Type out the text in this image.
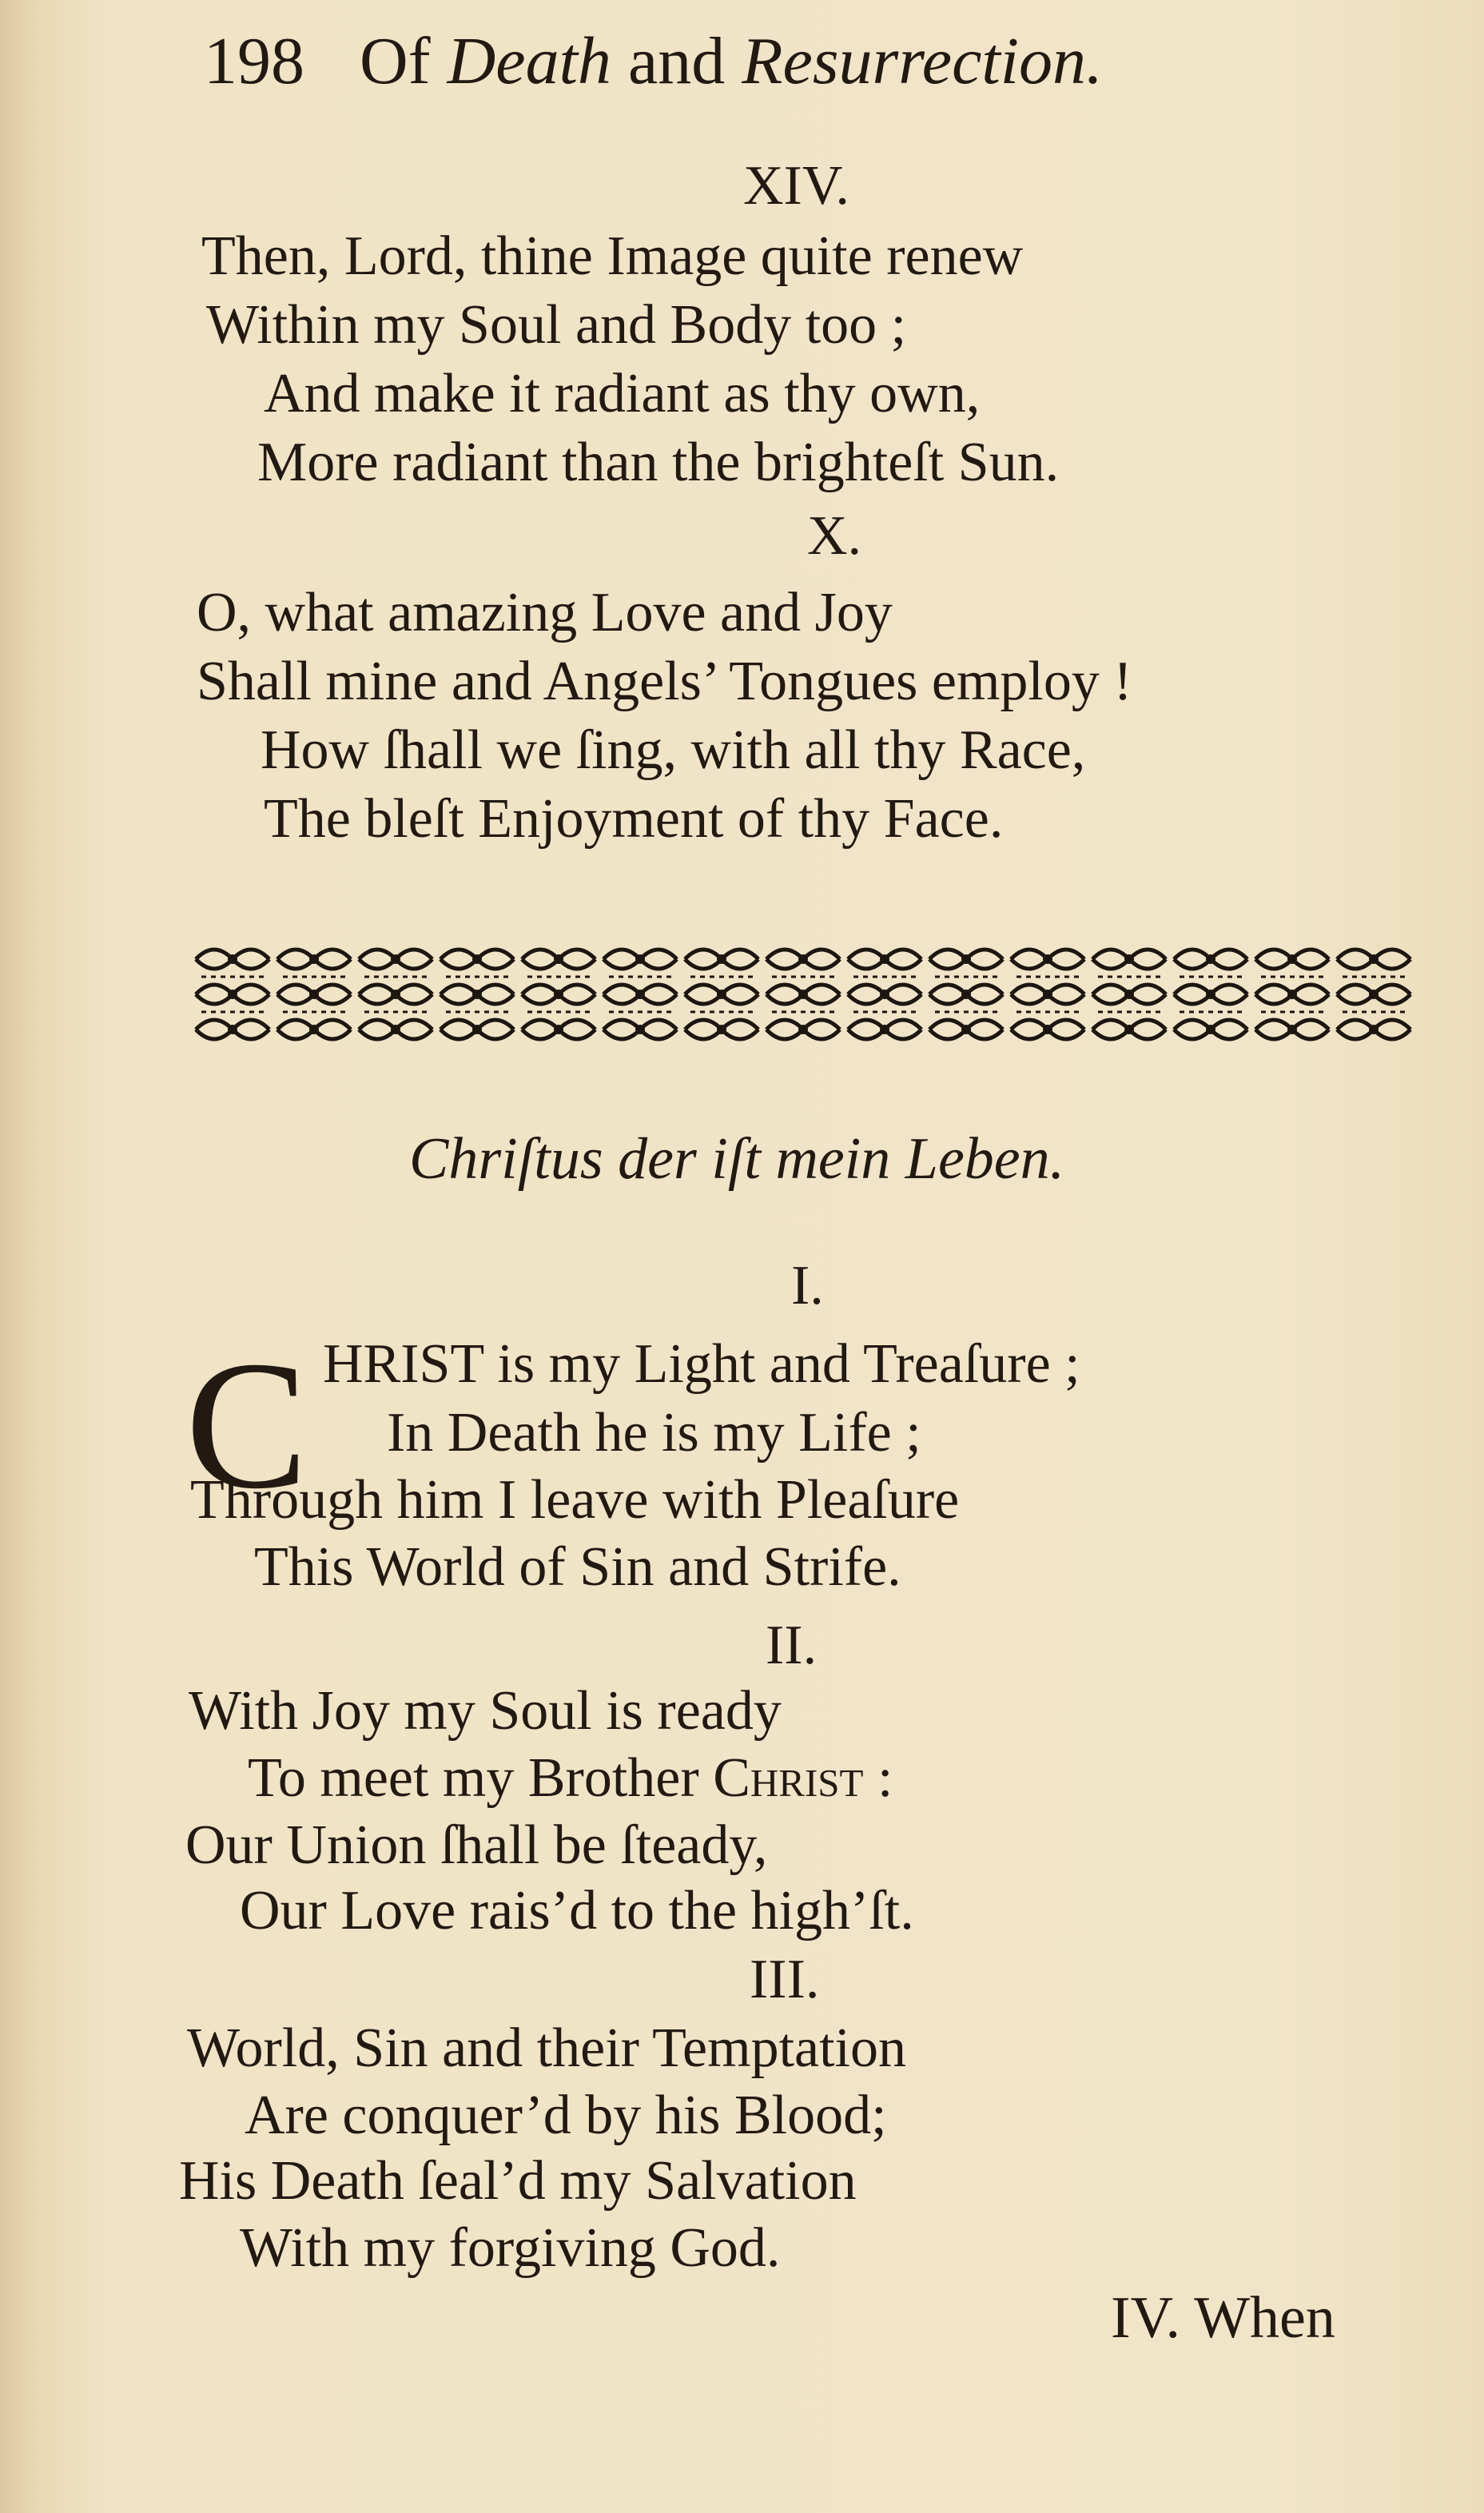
198 Of Death and Resurrection.
XIV.
Then, Lord, thine Image quite renew
Within my Soul and Body too ;
And make it radiant as thy own,
More radiant than the brighteſt Sun.
X.
O, what amazing Love and Joy
Shall mine and Angels’ Tongues employ !
How ſhall we ſing, with all thy Race,
The bleſt Enjoyment of thy Face.
Chriſtus der iſt mein Leben.
I.
C HRIST is my Light and Treaſure ;
In Death he is my Life ;
Through him I leave with Pleaſure
This World of Sin and Strife.
II.
With Joy my Soul is ready
To meet my Brother Christ :
Our Union ſhall be ſteady,
Our Love rais’d to the high’ſt.
III.
World, Sin and their Temptation
Are conquer’d by his Blood;
His Death ſeal’d my Salvation
With my forgiving God.
IV. When
